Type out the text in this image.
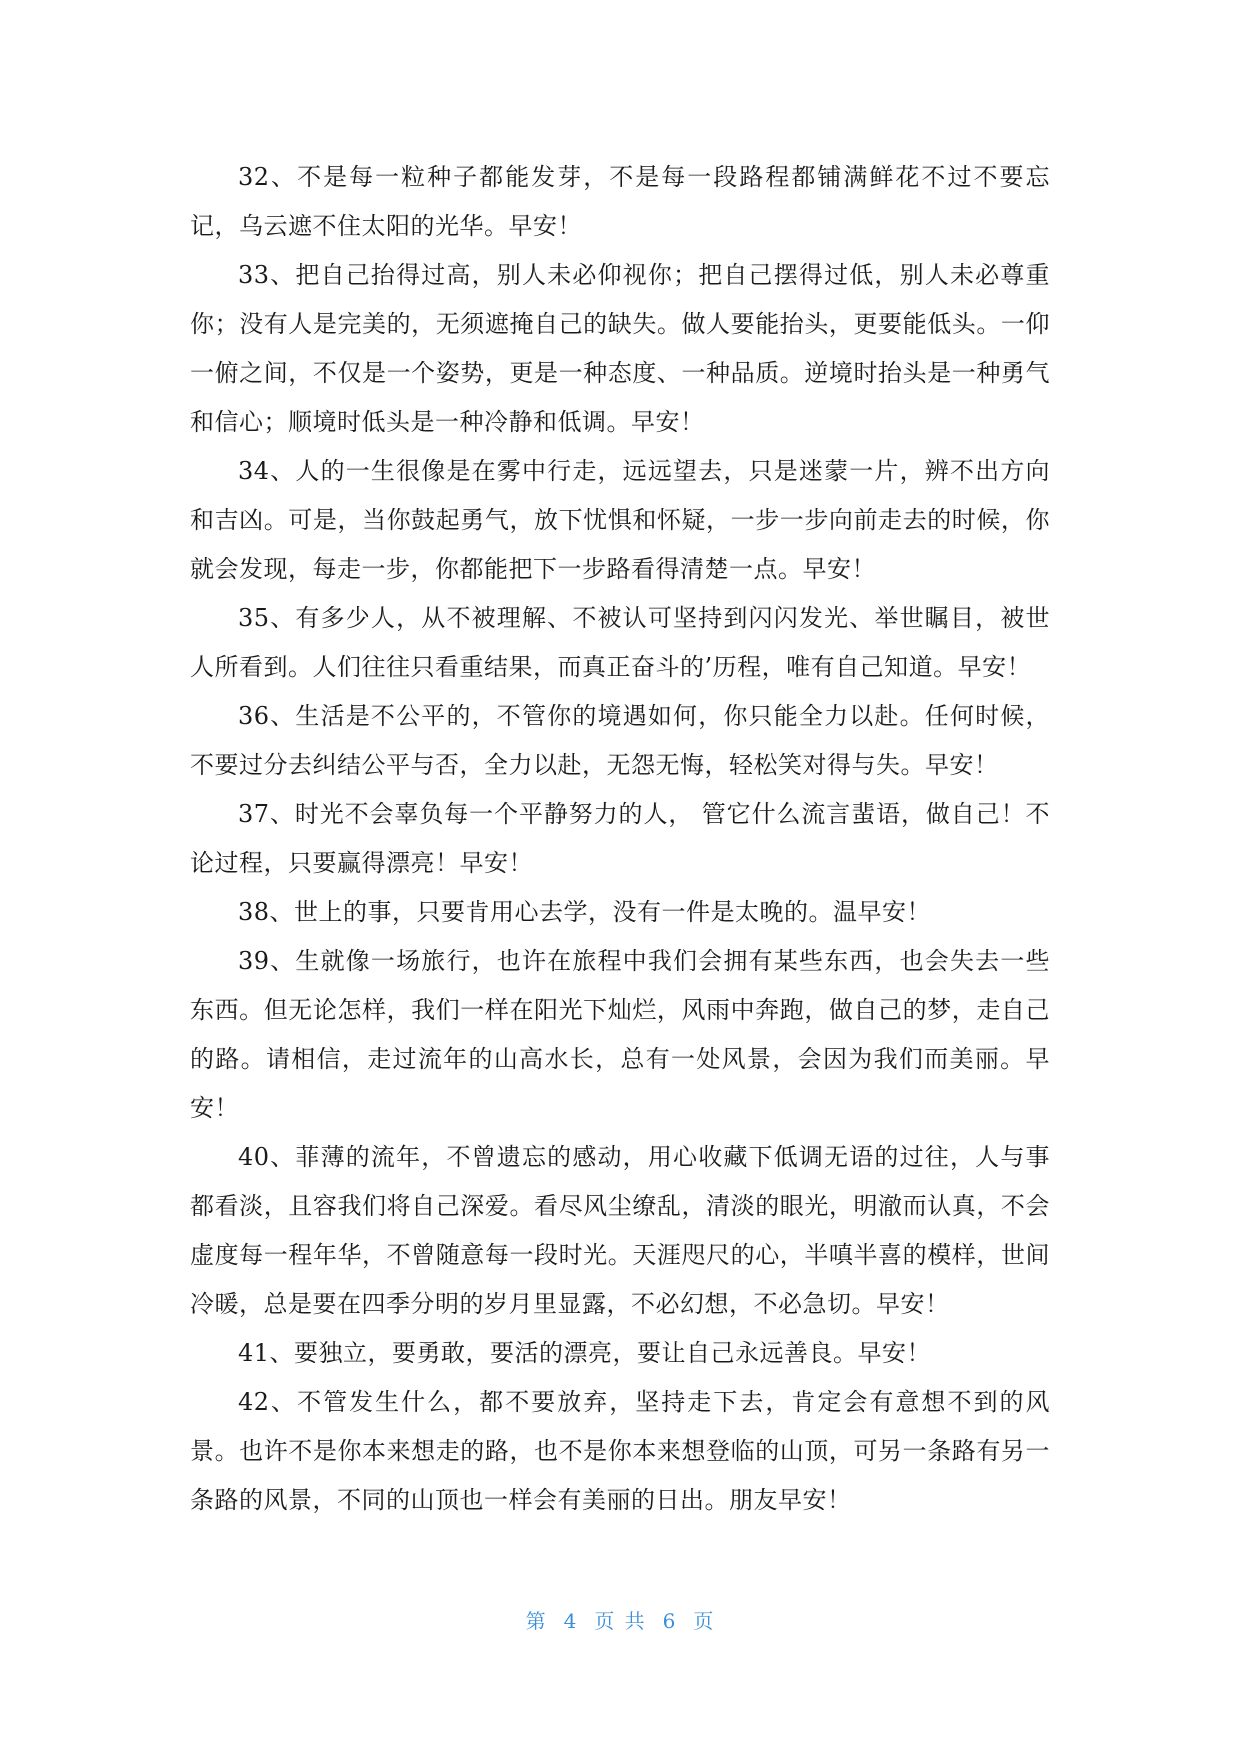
32、不是每一粒种子都能发芽，不是每一段路程都铺满鲜花不过不要忘记，乌云遮不住太阳的光华。早安！

33、把自己抬得过高，别人未必仰视你；把自己摆得过低，别人未必尊重你；没有人是完美的，无须遮掩自己的缺失。做人要能抬头，更要能低头。一仰一俯之间，不仅是一个姿势，更是一种态度、一种品质。逆境时抬头是一种勇气和信心；顺境时低头是一种冷静和低调。早安！

34、人的一生很像是在雾中行走，远远望去，只是迷蒙一片，辨不出方向和吉凶。可是，当你鼓起勇气，放下忧惧和怀疑，一步一步向前走去的时候，你就会发现，每走一步，你都能把下一步路看得清楚一点。早安！

35、有多少人，从不被理解、不被认可坚持到闪闪发光、举世瞩目，被世人所看到。人们往往只看重结果，而真正奋斗的’历程，唯有自己知道。早安！

36、生活是不公平的，不管你的境遇如何，你只能全力以赴。任何时候，不要过分去纠结公平与否，全力以赴，无怨无悔，轻松笑对得与失。早安！

37、时光不会辜负每一个平静努力的人， 管它什么流言蜚语，做自己！不论过程，只要赢得漂亮！早安！

38、世上的事，只要肯用心去学，没有一件是太晚的。温早安！

39、生就像一场旅行，也许在旅程中我们会拥有某些东西，也会失去一些东西。但无论怎样，我们一样在阳光下灿烂，风雨中奔跑，做自己的梦，走自己的路。请相信，走过流年的山高水长，总有一处风景，会因为我们而美丽。早安！

40、菲薄的流年，不曾遗忘的感动，用心收藏下低调无语的过往，人与事都看淡，且容我们将自己深爱。看尽风尘缭乱，清淡的眼光，明澈而认真，不会虚度每一程年华，不曾随意每一段时光。天涯咫尺的心，半嗔半喜的模样，世间冷暖，总是要在四季分明的岁月里显露，不必幻想，不必急切。早安！

41、要独立，要勇敢，要活的漂亮，要让自己永远善良。早安！

42、不管发生什么，都不要放弃，坚持走下去，肯定会有意想不到的风景。也许不是你本来想走的路，也不是你本来想登临的山顶，可另一条路有另一条路的风景，不同的山顶也一样会有美丽的日出。朋友早安！

第 4 页 共 6 页
